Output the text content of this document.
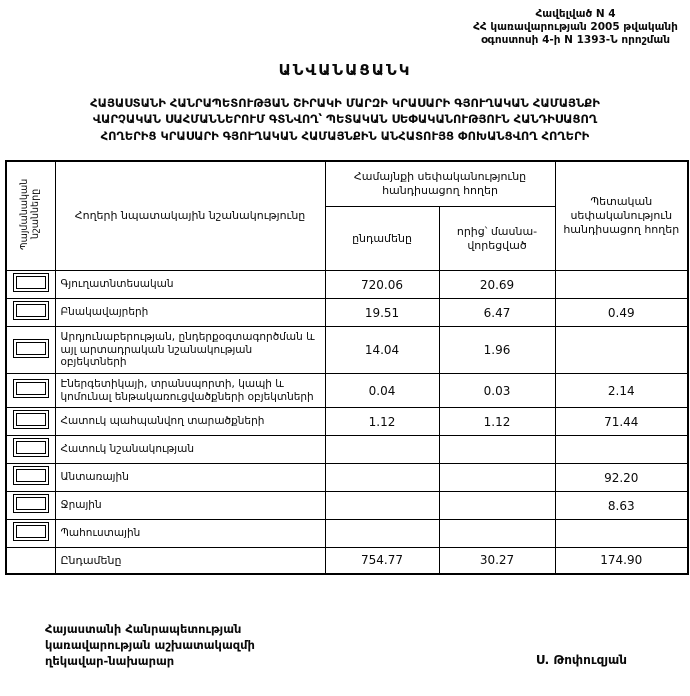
Հավելված N 4
ՀՀ կառավարության 2005 թվականի
օգոստոսի 4-ի N 1393-Ն որոշման
ԱՆՎԱՆԱՑԱՆԿ
ՀԱՅԱՍՏԱՆԻ ՀԱՆՐԱՊԵՏՈՒԹՅԱՆ ՇԻՐԱԿԻ ՄԱՐԶԻ ԿՐԱՍԱՐԻ ԳՅՈՒՂԱԿԱՆ ՀԱՄԱՅՆՔԻ
ՎԱՐՉԱԿԱՆ ՍԱՀՄԱՆՆԵՐՈՒՄ ԳՏՆՎՈՂ՝ ՊԵՏԱԿԱՆ ՍԵՓԱԿԱՆՈՒԹՅՈՒՆ ՀԱՆԴԻՍԱՑՈՂ
ՀՈՂԵՐԻՑ ԿՐԱՍԱՐԻ ԳՅՈՒՂԱԿԱՆ ՀԱՄԱՅՆՔԻՆ ԱՆՀԱՏՈՒՅՑ ՓՈԽԱՆՑՎՈՂ ՀՈՂԵՐԻ
Պայմանական նշանները	Հողերի նպատակային նշանակությունը	Համայնքի սեփականությունը հանդիսացող հողեր		Պետական սեփականություն հանդիսացող հողեր
		ընդամենը	որից՝ մասնա-վորեցված	
	Գյուղատնտեսական	720.06	20.69	
	Բնակավայրերի	19.51	6.47	0.49
	Արդյունաբերության, ընդերքօգտագործման և այլ արտադրական նշանակության օբյեկտների	14.04	1.96	
	Էներգետիկայի, տրանսպորտի, կապի և կոմունալ ենթակառուցվածքների օբյեկտների	0.04	0.03	2.14
	Հատուկ պահպանվող տարածքների	1.12	1.12	71.44
	Հատուկ նշանակության			
	Անտառային			92.20
	Ջրային			8.63
	Պահուստային			
	Ընդամենը	754.77	30.27	174.90
Հայաստանի Հանրապետության
կառավարության աշխատակազմի
ղեկավար-նախարար	Ս. Թոփուզյան
